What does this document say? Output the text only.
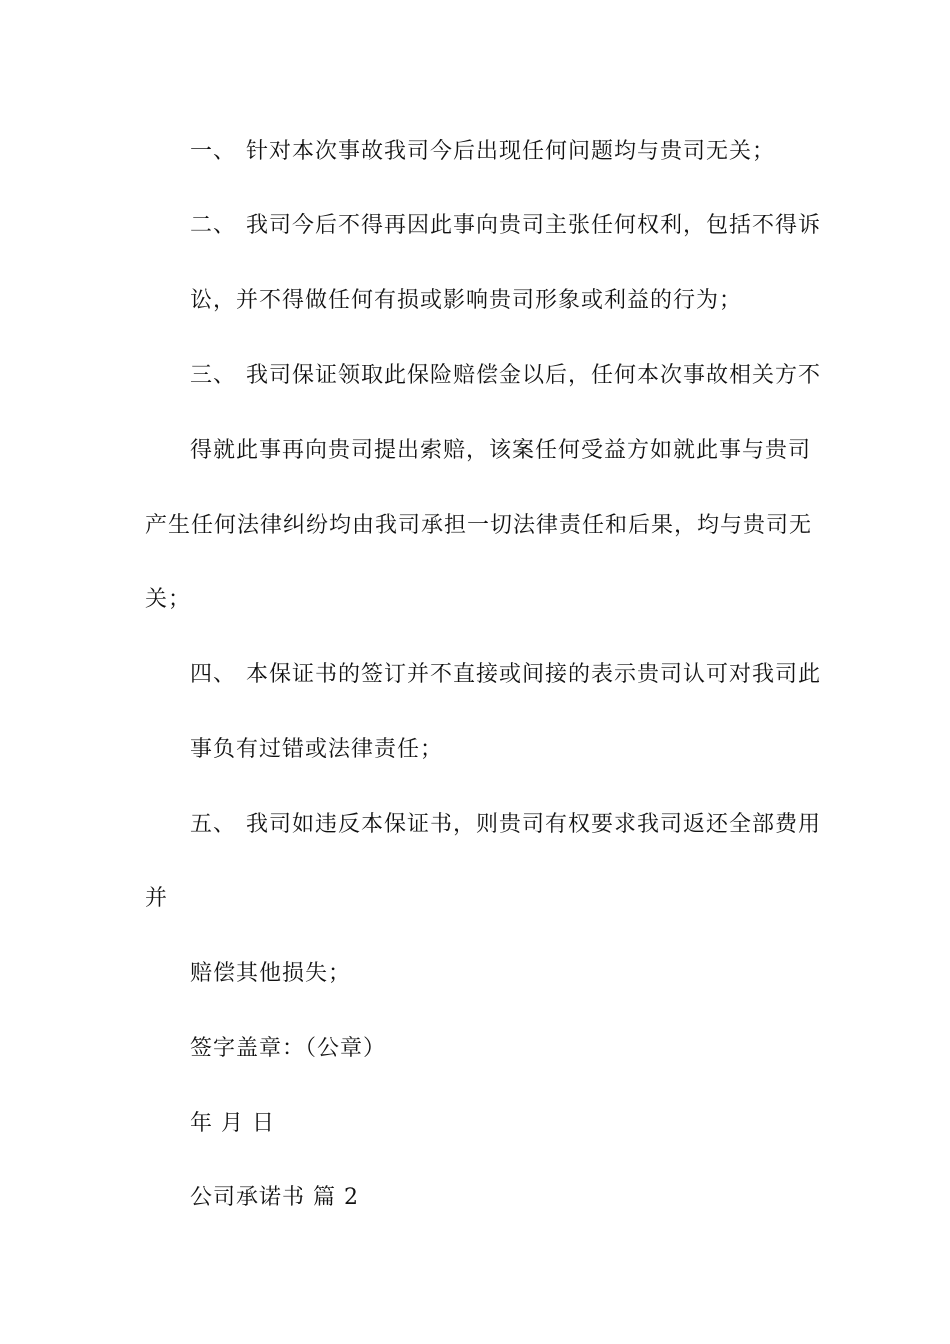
一、 针对本次事故我司今后出现任何问题均与贵司无关；
二、 我司今后不得再因此事向贵司主张任何权利，包括不得诉
讼，并不得做任何有损或影响贵司形象或利益的行为；
三、 我司保证领取此保险赔偿金以后，任何本次事故相关方不
得就此事再向贵司提出索赔，该案任何受益方如就此事与贵司
产生任何法律纠纷均由我司承担一切法律责任和后果，均与贵司无
关；
四、 本保证书的签订并不直接或间接的表示贵司认可对我司此
事负有过错或法律责任；
五、 我司如违反本保证书，则贵司有权要求我司返还全部费用
并
赔偿其他损失；
签字盖章：（公章）
年 月 日
公司承诺书 篇 2
